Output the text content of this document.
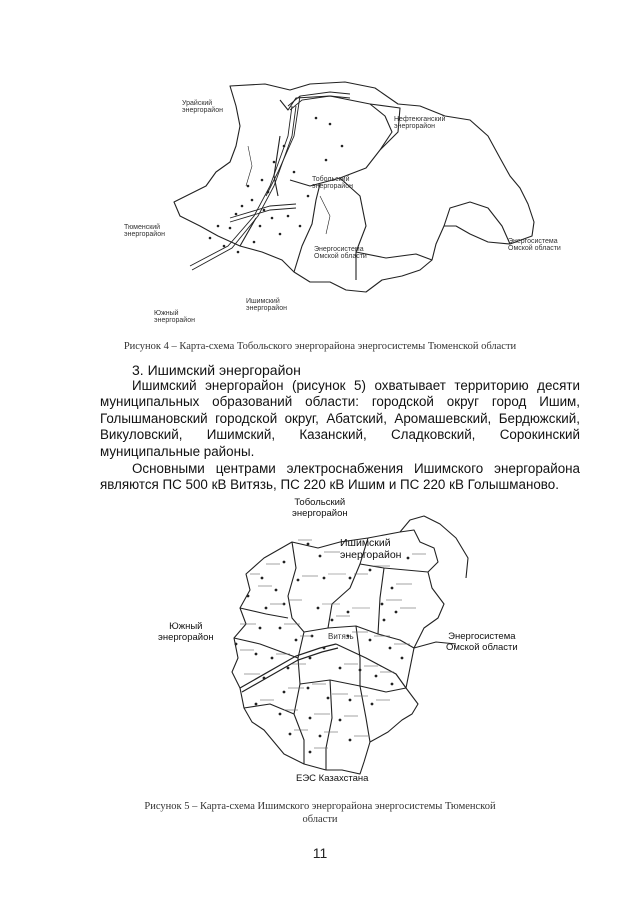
Урайский
энергорайон
Нефтеюганский
энергорайон
Тобольский
энергорайон
Тюменский
энергорайон
Энергосистема
Омской области
Энергосистема
Омской области
Южный
энергорайон
Ишимский
энергорайон
Рисунок 4 – Карта-схема Тобольского энергорайона энергосистемы Тюменской области
3. Ишимский энергорайон
Ишимский энергорайон (рисунок 5) охватывает территорию десяти
муниципальных образований области: городской округ город Ишим,
Голышмановский городской округ, Абатский, Аромашевский, Бердюжский,
Викуловский, Ишимский, Казанский, Сладковский, Сорокинский
муниципальные районы.
Основными центрами электроснабжения Ишимского энергорайона
являются ПС 500 кВ Витязь, ПС 220 кВ Ишим и ПС 220 кВ Голышманово.
Тобольский
энергорайон
Ишимский
энергорайон
Южный
энергорайон	Энергосистема
Омской области
ЕЭС Казахстана
Витязь
Рисунок 5 – Карта-схема Ишимского энергорайона энергосистемы Тюменской
области
11
